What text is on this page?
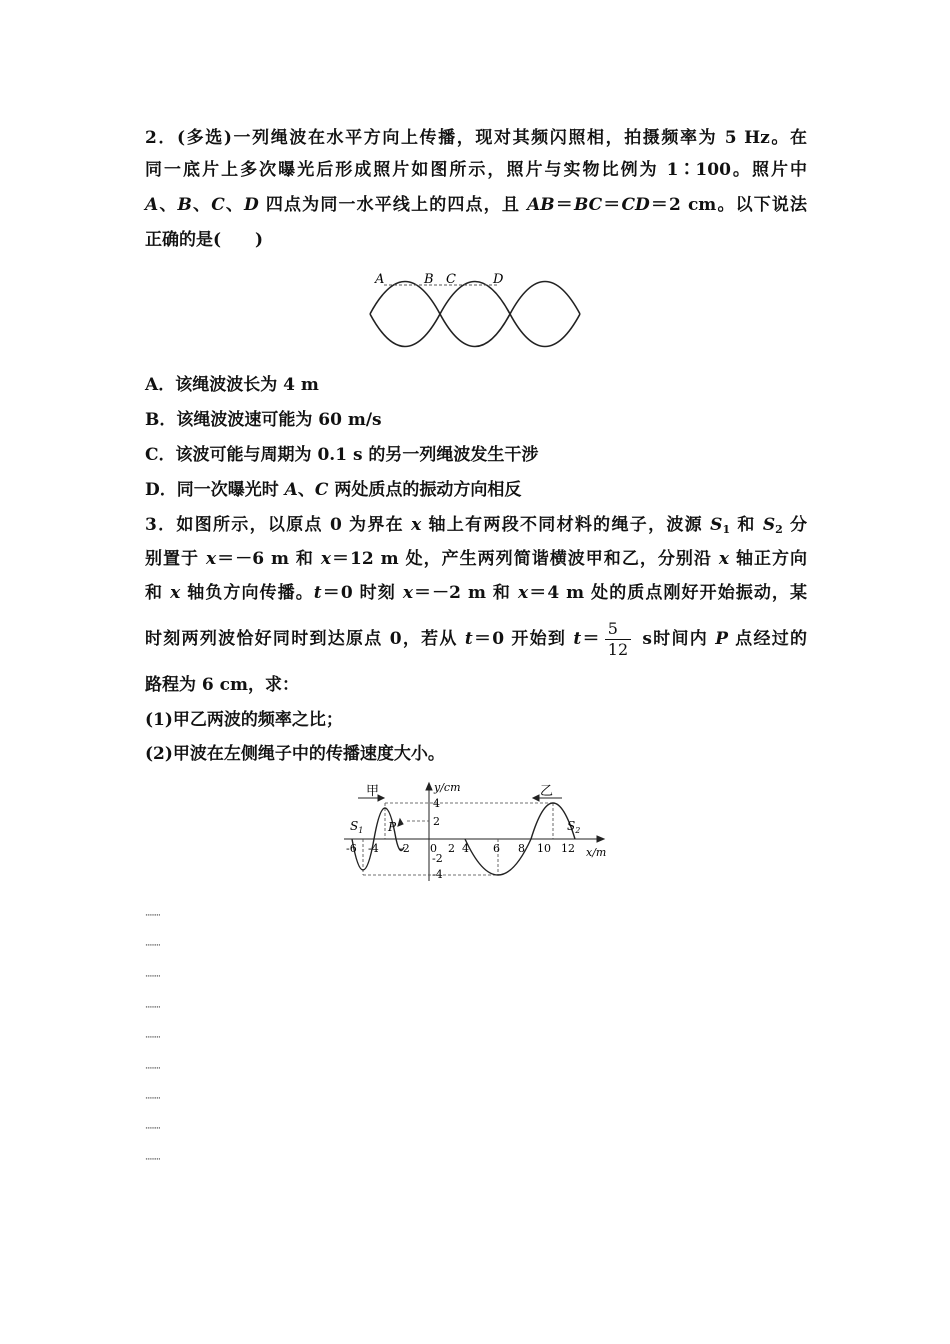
2．(多选)一列绳波在水平方向上传播，现对其频闪照相，拍摄频率为 5 Hz。在
同一底片上多次曝光后形成照片如图所示，照片与实物比例为 1∶100。照片中
A、B、C、D 四点为同一水平线上的四点，且 AB＝BC＝CD＝2 cm。以下说法
正确的是(　　)
A	B C	D
A．该绳波波长为 4 m
B．该绳波波速可能为 60 m/s
C．该波可能与周期为 0.1 s 的另一列绳波发生干涉
D．同一次曝光时 A、C 两处质点的振动方向相反
3．如图所示，以原点 0 为界在 x 轴上有两段不同材料的绳子，波源 $S_1$ 和 $S_2$ 分
别置于 x＝－6 m 和 x＝12 m 处，产生两列简谐横波甲和乙，分别沿 x 轴正方向
和 x 轴负方向传播。t＝0 时刻 x＝－2 m 和 x＝4 m 处的质点刚好开始振动，某
时刻两列波恰好同时到达原点 0，若从 t＝0 开始到 $t= \frac{5}{12}$ s时间内 P 点经过的
路程为 6 cm，求：
(1)甲乙两波的频率之比；
(2)甲波在左侧绳子中的传播速度大小。
甲	乙
y/cm
x/m
$S_1$	$S_2$
P
4
2
-2
-4
-6 -4 -2 0 2 4 6 8 10 12
········
········
········
········
········
········
········
········
········
